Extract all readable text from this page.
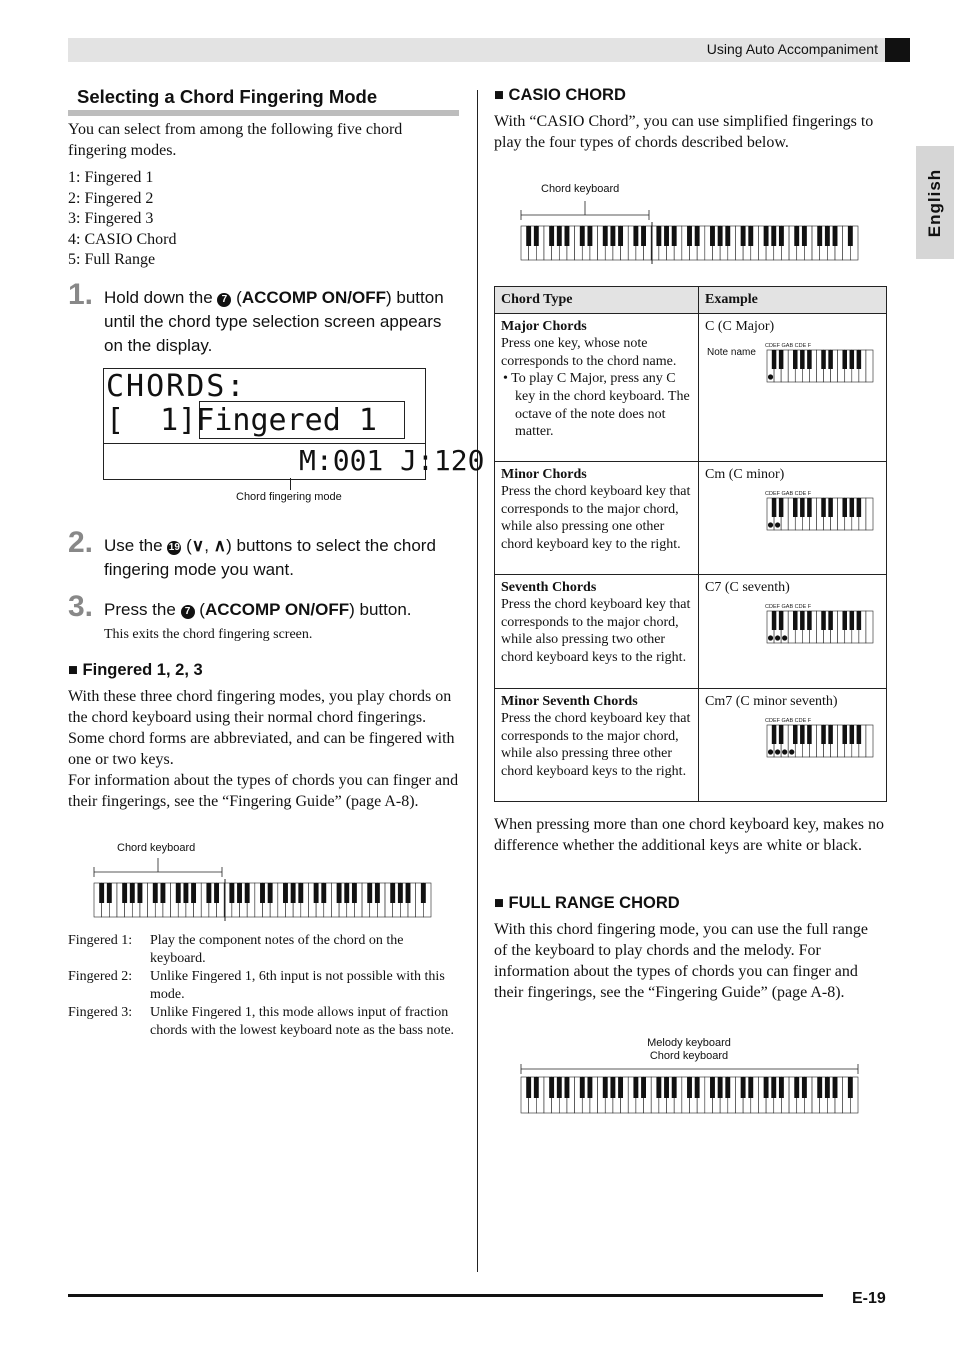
Using Auto Accompaniment
English
Selecting a Chord Fingering Mode
You can select from among the following five chord fingering modes.
1: Fingered 1
2: Fingered 2
3: Fingered 3
4: CASIO Chord
5: Full Range
1. Hold down the 7 (ACCOMP ON/OFF) button until the chord type selection screen appears on the display.
CHORDS:
[  1]Fingered 1
M:001 J:120
Chord fingering mode
2. Use the 19 (∨, ∧) buttons to select the chord fingering mode you want.
3. Press the 7 (ACCOMP ON/OFF) button.
This exits the chord fingering screen.
■ Fingered 1, 2, 3
With these three chord fingering modes, you play chords on the chord keyboard using their normal chord fingerings. Some chord forms are abbreviated, and can be fingered with one or two keys.
For information about the types of chords you can finger and their fingerings, see the “Fingering Guide” (page A-8).
Chord keyboard
Fingered 1:	Play the component notes of the chord on the keyboard.
Fingered 2:	Unlike Fingered 1, 6th input is not possible with this mode.
Fingered 3:	Unlike Fingered 1, this mode allows input of fraction chords with the lowest keyboard note as the bass note.
■ CASIO CHORD
With “CASIO Chord”, you can use simplified fingerings to play the four types of chords described below.
Chord keyboard
Chord Type	Example
Major Chords
Press one key, whose note corresponds to the chord name.
• To play C Major, press any C key in the chord keyboard. The octave of the note does not matter.	C (C Major)
Note name
CDEF GAB CDE F

Minor Chords
Press the chord keyboard key that corresponds to the major chord, while also pressing one other chord keyboard key to the right.	Cm (C minor)
CDEF GAB CDE F

Seventh Chords
Press the chord keyboard key that corresponds to the major chord, while also pressing two other chord keyboard keys to the right.	C7 (C seventh)
CDEF GAB CDE F

Minor Seventh Chords
Press the chord keyboard key that corresponds to the major chord, while also pressing three other chord keyboard keys to the right.	Cm7 (C minor seventh)
CDEF GAB CDE F
When pressing more than one chord keyboard key, makes no difference whether the additional keys are white or black.
■ FULL RANGE CHORD
With this chord fingering mode, you can use the full range of the keyboard to play chords and the melody. For information about the types of chords you can finger and their fingerings, see the “Fingering Guide” (page A-8).
Melody keyboard
Chord keyboard
E-19
